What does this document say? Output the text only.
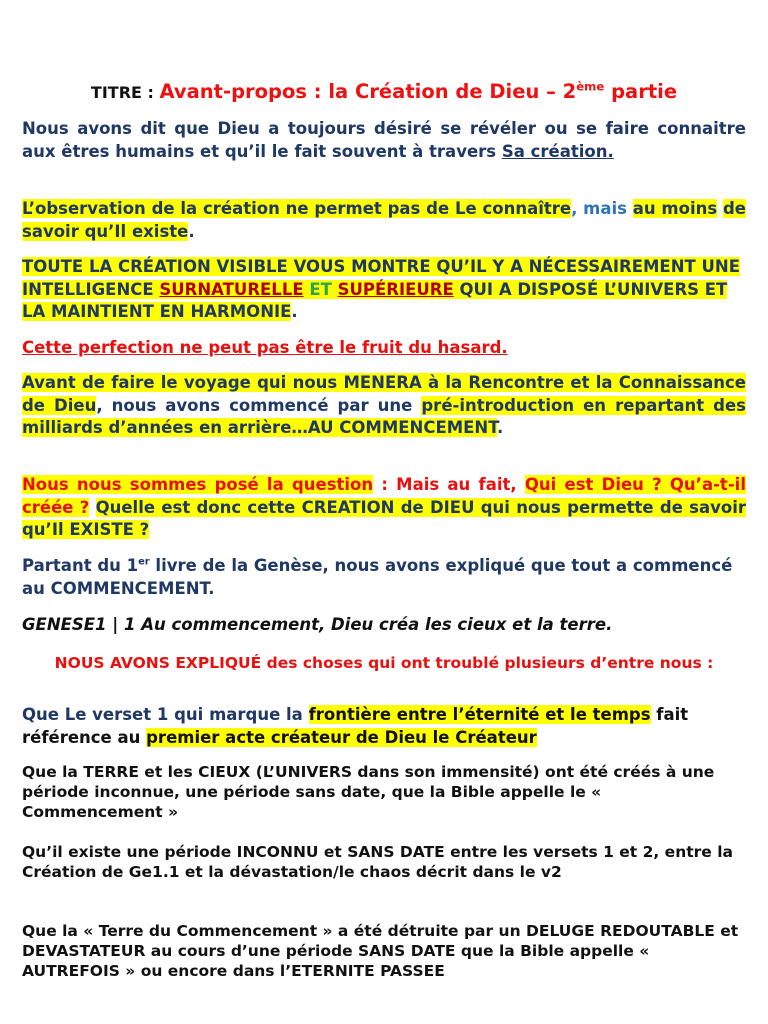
TITRE : Avant-propos : la Création de Dieu – 2ème partie

Nous avons dit que Dieu a toujours désiré se révéler ou se faire connaitre aux êtres humains et qu’il le fait souvent à travers Sa création.

L’observation de la création ne permet pas de Le connaître, mais au moins de savoir qu’Il existe.

TOUTE LA CRÉATION VISIBLE VOUS MONTRE QU’IL Y A NÉCESSAIREMENT UNE INTELLIGENCE SURNATURELLE ET SUPÉRIEURE QUI A DISPOSÉ L’UNIVERS ET LA MAINTIENT EN HARMONIE.

Cette perfection ne peut pas être le fruit du hasard.

Avant de faire le voyage qui nous MENERA à la Rencontre et la Connaissance de Dieu, nous avons commencé par une pré-introduction en repartant des milliards d’années en arrière…AU COMMENCEMENT.

Nous nous sommes posé la question : Mais au fait, Qui est Dieu ? Qu’a-t-il créée ? Quelle est donc cette CREATION de DIEU qui nous permette de savoir qu’Il EXISTE ?

Partant du 1er livre de la Genèse, nous avons expliqué que tout a commencé au COMMENCEMENT.

GENESE1 | 1 Au commencement, Dieu créa les cieux et la terre.

NOUS AVONS EXPLIQUÉ des choses qui ont troublé plusieurs d’entre nous :

Que Le verset 1 qui marque la frontière entre l’éternité et le temps fait référence au premier acte créateur de Dieu le Créateur

Que la TERRE et les CIEUX (L’UNIVERS dans son immensité) ont été créés à une période inconnue, une période sans date, que la Bible appelle le « Commencement »

Qu’il existe une période INCONNU et SANS DATE entre les versets 1 et 2, entre la Création de Ge1.1 et la dévastation/le chaos décrit dans le v2

Que la « Terre du Commencement » a été détruite par un DELUGE REDOUTABLE et DEVASTATEUR au cours d’une période SANS DATE que la Bible appelle « AUTREFOIS » ou encore dans l’ETERNITE PASSEE
